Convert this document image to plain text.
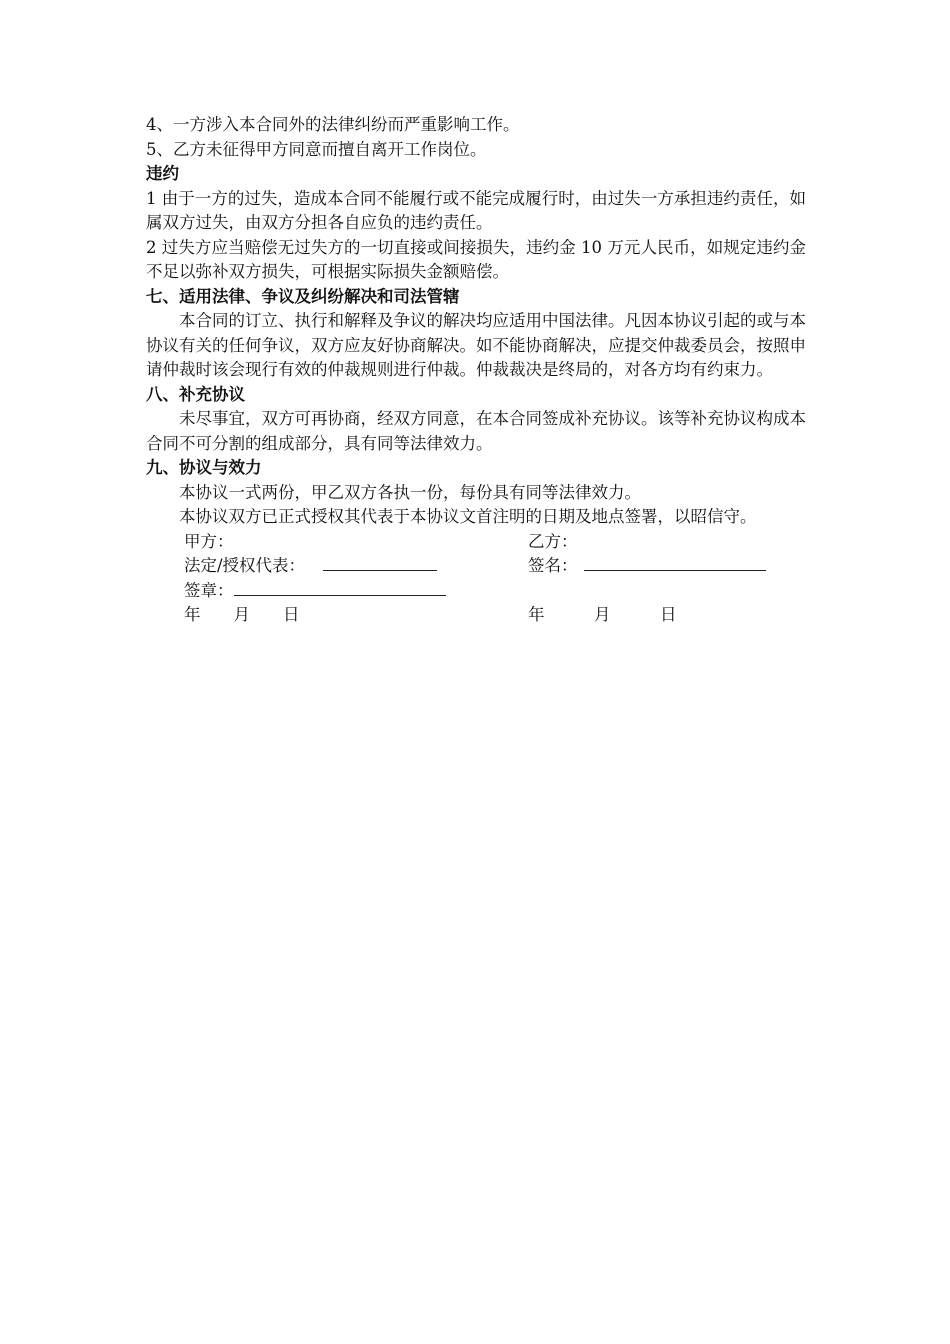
4、一方涉入本合同外的法律纠纷而严重影响工作。

5、乙方未征得甲方同意而擅自离开工作岗位。

违约

1 由于一方的过失，造成本合同不能履行或不能完成履行时，由过失一方承担违约责任，如属双方过失，由双方分担各自应负的违约责任。

2 过失方应当赔偿无过失方的一切直接或间接损失，违约金 10 万元人民币，如规定违约金不足以弥补双方损失，可根据实际损失金额赔偿。

七、适用法律、争议及纠纷解决和司法管辖

本合同的订立、执行和解释及争议的解决均应适用中国法律。凡因本协议引起的或与本协议有关的任何争议，双方应友好协商解决。如不能协商解决，应提交仲裁委员会，按照申请仲裁时该会现行有效的仲裁规则进行仲裁。仲裁裁决是终局的，对各方均有约束力。

八、补充协议

未尽事宜，双方可再协商，经双方同意，在本合同签成补充协议。该等补充协议构成本合同不可分割的组成部分，具有同等法律效力。

九、协议与效力

本协议一式两份，甲乙双方各执一份，每份具有同等法律效力。

本协议双方已正式授权其代表于本协议文首注明的日期及地点签署，以昭信守。

甲方：
法定/授权代表：
签章：
年　　月　　日
乙方：
签名：
年　　　月　　　日
